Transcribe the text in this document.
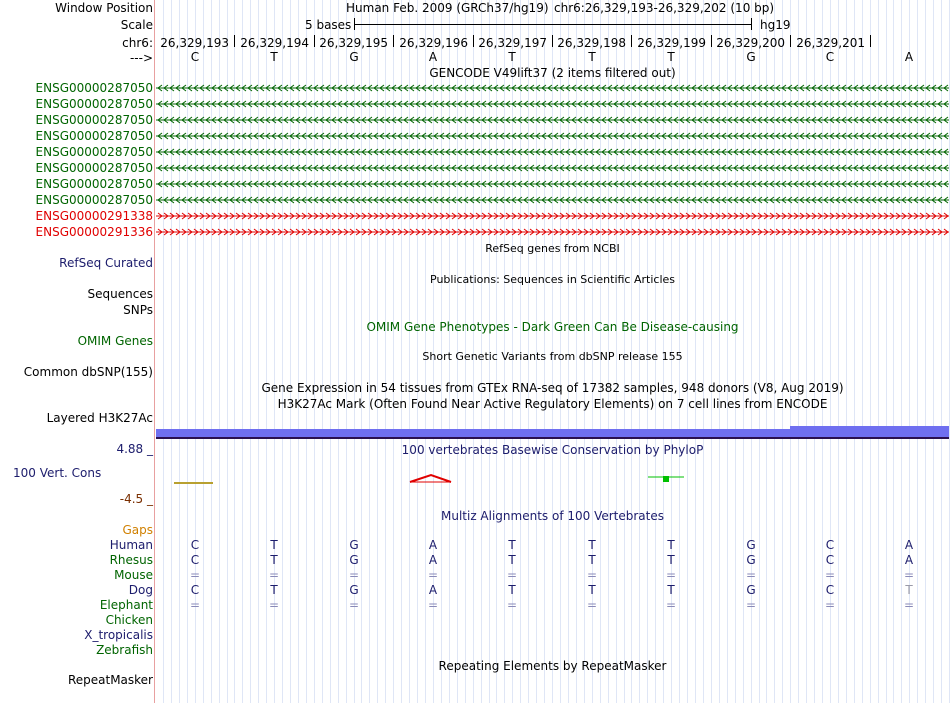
Window Position	Human Feb. 2009 (GRCh37/hg19) chr6:26,329,193-26,329,202 (10 bp)
Scale	5 bases	hg19
chr6: 26,329,193 26,329,194 26,329,195 26,329,196 26,329,197 26,329,198 26,329,199 26,329,200 26,329,201
--->	C	T	G	A	T	T	T	G	C	A
GENCODE V49lift37 (2 items filtered out)
ENSG00000287050
ENSG00000287050
ENSG00000287050
ENSG00000287050
ENSG00000287050
ENSG00000287050
ENSG00000287050
ENSG00000287050
ENSG00000291338
ENSG00000291336
RefSeq genes from NCBI
RefSeq Curated
Publications: Sequences in Scientific Articles
Sequences
SNPs
OMIM Gene Phenotypes - Dark Green Can Be Disease-causing
OMIM Genes
Short Genetic Variants from dbSNP release 155
Common dbSNP(155)
Gene Expression in 54 tissues from GTEx RNA-seq of 17382 samples, 948 donors (V8, Aug 2019)
H3K27Ac Mark (Often Found Near Active Regulatory Elements) on 7 cell lines from ENCODE
Layered H3K27Ac
4.88 _	100 vertebrates Basewise Conservation by PhyloP
100 Vert. Cons
-4.5 _
Multiz Alignments of 100 Vertebrates
Gaps
Human	C	T	G	A	T	T	T	G	C	A
Rhesus	C	T	G	A	T	T	T	G	C	A
Mouse	=	=	=	=	=	=	=	=	=	=
Dog	C	T	G	A	T	T	T	G	C	T
Elephant	=	=	=	=	=	=	=	=	=	=
Chicken
X_tropicalis
Zebrafish
Repeating Elements by RepeatMasker
RepeatMasker
